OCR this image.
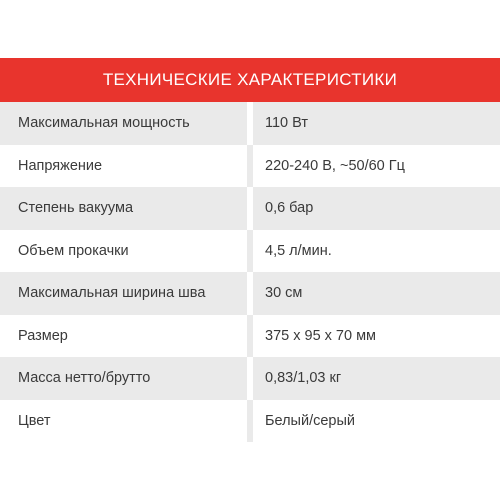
ТЕХНИЧЕСКИЕ ХАРАКТЕРИСТИКИ
Максимальная мощность	110 Вт
Напряжение	220-240 В, ~50/60 Гц
Степень вакуума	0,6 бар
Объем прокачки	4,5 л/мин.
Максимальная ширина шва	30 см
Размер	375 х 95 х 70 мм
Масса нетто/брутто	0,83/1,03 кг
Цвет	Белый/серый
